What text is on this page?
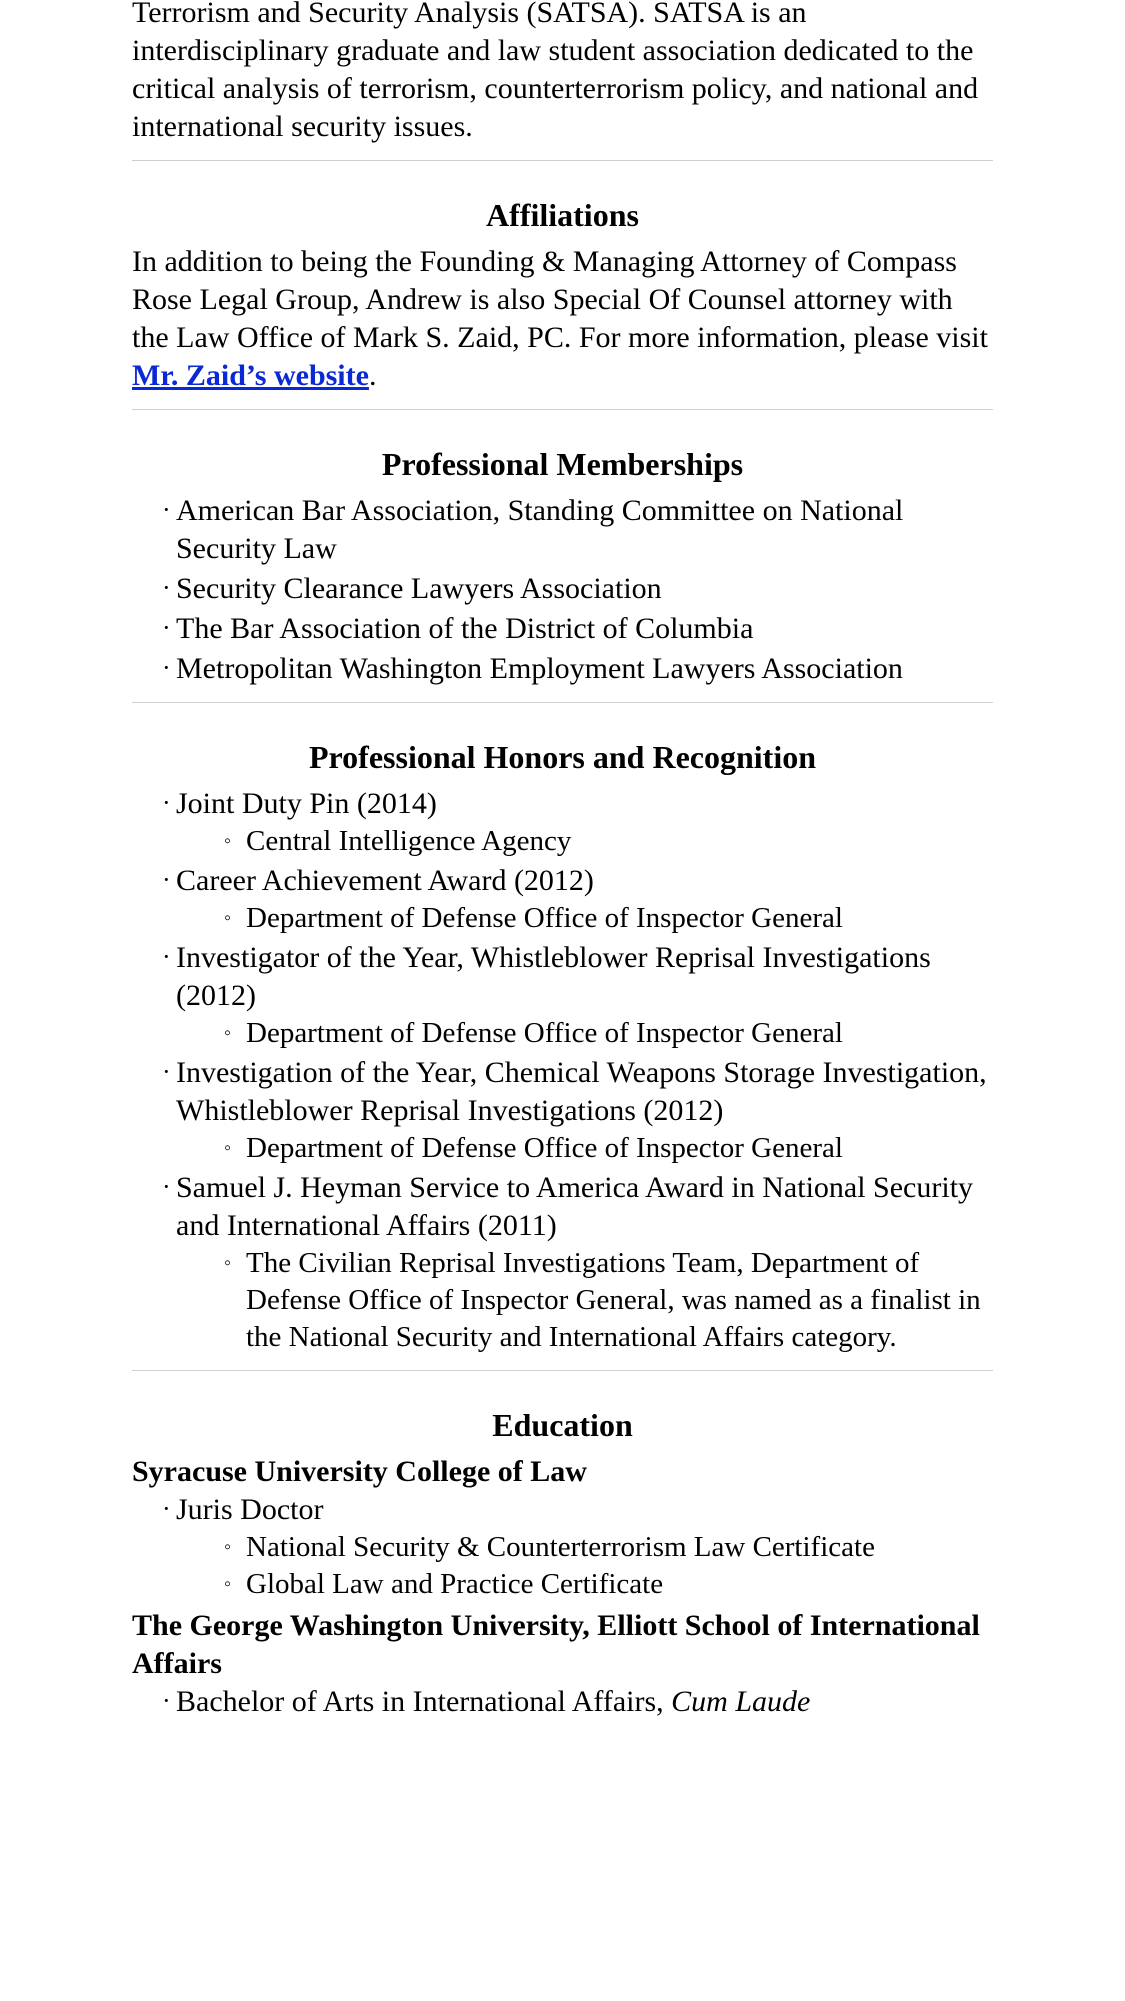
Terrorism and Security Analysis (SATSA). SATSA is an interdisciplinary graduate and law student association dedicated to the critical analysis of terrorism, counterterrorism policy, and national and international security issues.

Affiliations

In addition to being the Founding & Managing Attorney of Compass Rose Legal Group, Andrew is also Special Of Counsel attorney with the Law Office of Mark S. Zaid, PC. For more information, please visit Mr. Zaid’s website.

Professional Memberships
· American Bar Association, Standing Committee on National Security Law
· Security Clearance Lawyers Association
· The Bar Association of the District of Columbia
· Metropolitan Washington Employment Lawyers Association
Professional Honors and Recognition
· Joint Duty Pin (2014)
◦ Central Intelligence Agency
· Career Achievement Award (2012)
◦ Department of Defense Office of Inspector General
· Investigator of the Year, Whistleblower Reprisal Investigations (2012)
◦ Department of Defense Office of Inspector General
· Investigation of the Year, Chemical Weapons Storage Investigation, Whistleblower Reprisal Investigations (2012)
◦ Department of Defense Office of Inspector General
· Samuel J. Heyman Service to America Award in National Security and International Affairs (2011)
◦ The Civilian Reprisal Investigations Team, Department of Defense Office of Inspector General, was named as a finalist in the National Security and International Affairs category.
Education
Syracuse University College of Law
· Juris Doctor
◦ National Security & Counterterrorism Law Certificate
◦ Global Law and Practice Certificate
The George Washington University, Elliott School of International Affairs
· Bachelor of Arts in International Affairs, Cum Laude
